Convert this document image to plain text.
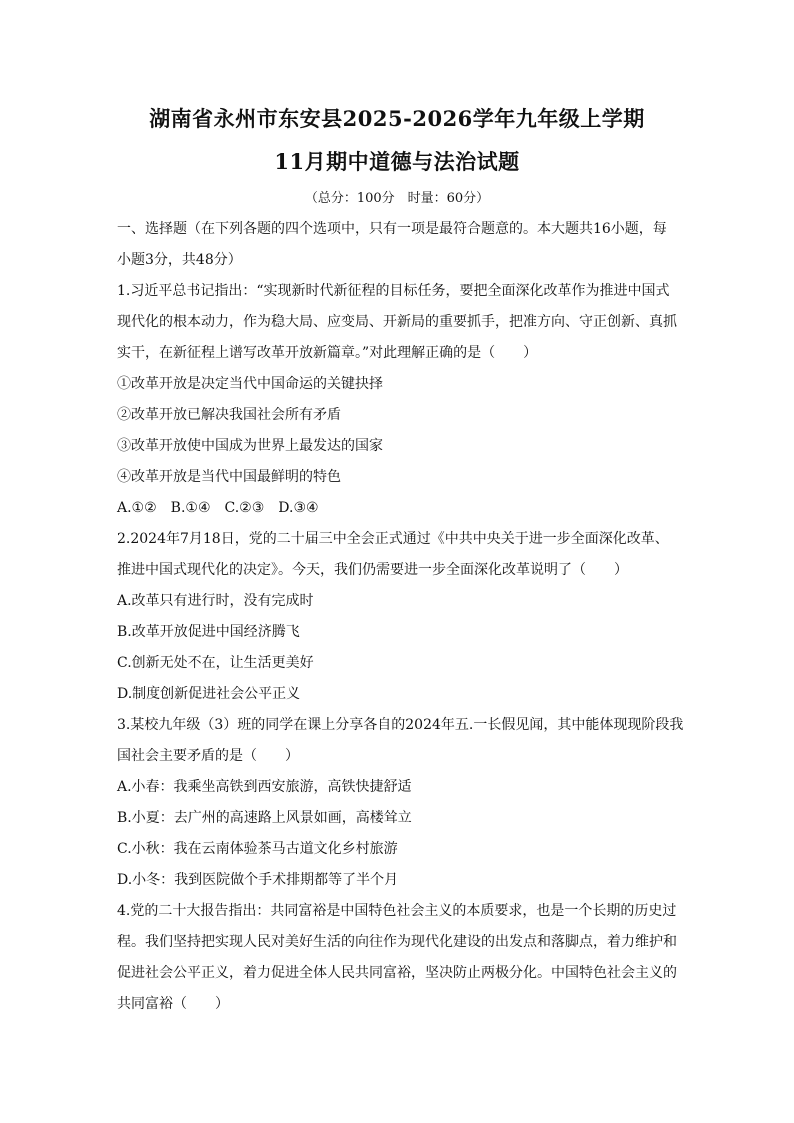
湖南省永州市东安县2025-2026学年九年级上学期
11月期中道德与法治试题
（总分：100分　时量：60分）
一、选择题（在下列各题的四个选项中，只有一项是最符合题意的。本大题共16小题，每
小题3分，共48分）
1.习近平总书记指出：“实现新时代新征程的目标任务，要把全面深化改革作为推进中国式
现代化的根本动力，作为稳大局、应变局、开新局的重要抓手，把准方向、守正创新、真抓
实干，在新征程上谱写改革开放新篇章。”对此理解正确的是（　　）
①改革开放是决定当代中国命运的关键抉择
②改革开放已解决我国社会所有矛盾
③改革开放使中国成为世界上最发达的国家
④改革开放是当代中国最鲜明的特色
A.①②　B.①④　C.②③　D.③④
2.2024年7月18日，党的二十届三中全会正式通过《中共中央关于进一步全面深化改革、
推进中国式现代化的决定》。今天，我们仍需要进一步全面深化改革说明了（　　）
A.改革只有进行时，没有完成时
B.改革开放促进中国经济腾飞
C.创新无处不在，让生活更美好
D.制度创新促进社会公平正义
3.某校九年级（3）班的同学在课上分享各自的2024年五.一长假见闻，其中能体现现阶段我
国社会主要矛盾的是（　　）
A.小春：我乘坐高铁到西安旅游，高铁快捷舒适
B.小夏：去广州的高速路上风景如画，高楼耸立
C.小秋：我在云南体验茶马古道文化乡村旅游
D.小冬：我到医院做个手术排期都等了半个月
4.党的二十大报告指出：共同富裕是中国特色社会主义的本质要求，也是一个长期的历史过
程。我们坚持把实现人民对美好生活的向往作为现代化建设的出发点和落脚点，着力维护和
促进社会公平正义，着力促进全体人民共同富裕，坚决防止两极分化。中国特色社会主义的
共同富裕（　　）
